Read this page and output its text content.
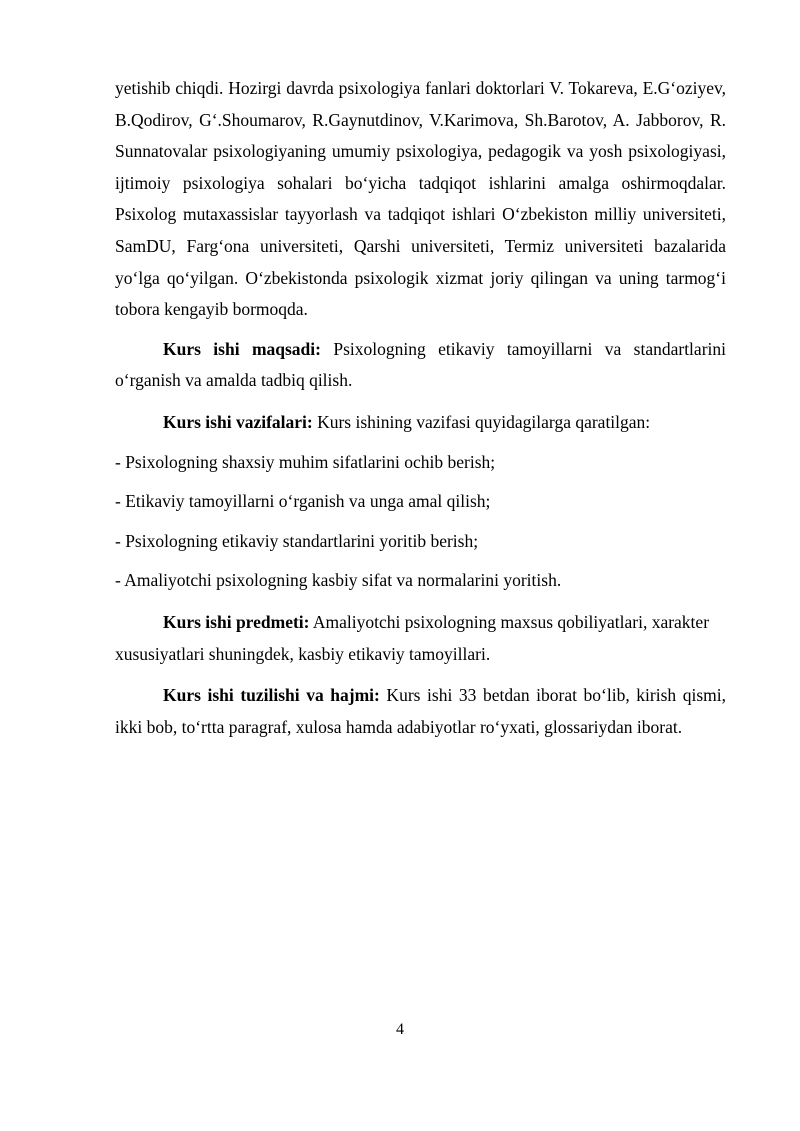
yetishib chiqdi. Hozirgi davrda psixologiya fanlari doktorlari V. Tokareva, E.G‘oziyev, B.Qodirov, G‘.Shoumarov, R.Gaynutdinov, V.Karimova, Sh.Barotov, A. Jabborov, R. Sunnatovalar psixologiyaning umumiy psixologiya, pedagogik va yosh psixologiyasi, ijtimoiy psixologiya sohalari bo‘yicha tadqiqot ishlarini amalga oshirmoqdalar. Psixolog mutaxassislar tayyorlash va tadqiqot ishlari O‘zbekiston milliy universiteti, SamDU, Farg‘ona universiteti, Qarshi universiteti, Termiz universiteti bazalarida yo‘lga qo‘yilgan. O‘zbekistonda psixologik xizmat joriy qilingan va uning tarmog‘i tobora kengayib bormoqda.

Kurs ishi maqsadi: Psixologning etikaviy tamoyillarni va standartlarini o‘rganish va amalda tadbiq qilish.

Kurs ishi vazifalari: Kurs ishining vazifasi quyidagilarga qaratilgan:

- Psixologning shaxsiy muhim sifatlarini ochib berish;

- Etikaviy tamoyillarni o‘rganish va unga amal qilish;

- Psixologning etikaviy standartlarini yoritib berish;

- Amaliyotchi psixologning kasbiy sifat va normalarini yoritish.

Kurs ishi predmeti: Amaliyotchi psixologning maxsus qobiliyatlari, xarakter xususiyatlari shuningdek, kasbiy etikaviy tamoyillari.

Kurs ishi tuzilishi va hajmi: Kurs ishi 33 betdan iborat bo‘lib, kirish qismi, ikki bob, to‘rtta paragraf, xulosa hamda adabiyotlar ro‘yxati, glossariydan iborat.

4
